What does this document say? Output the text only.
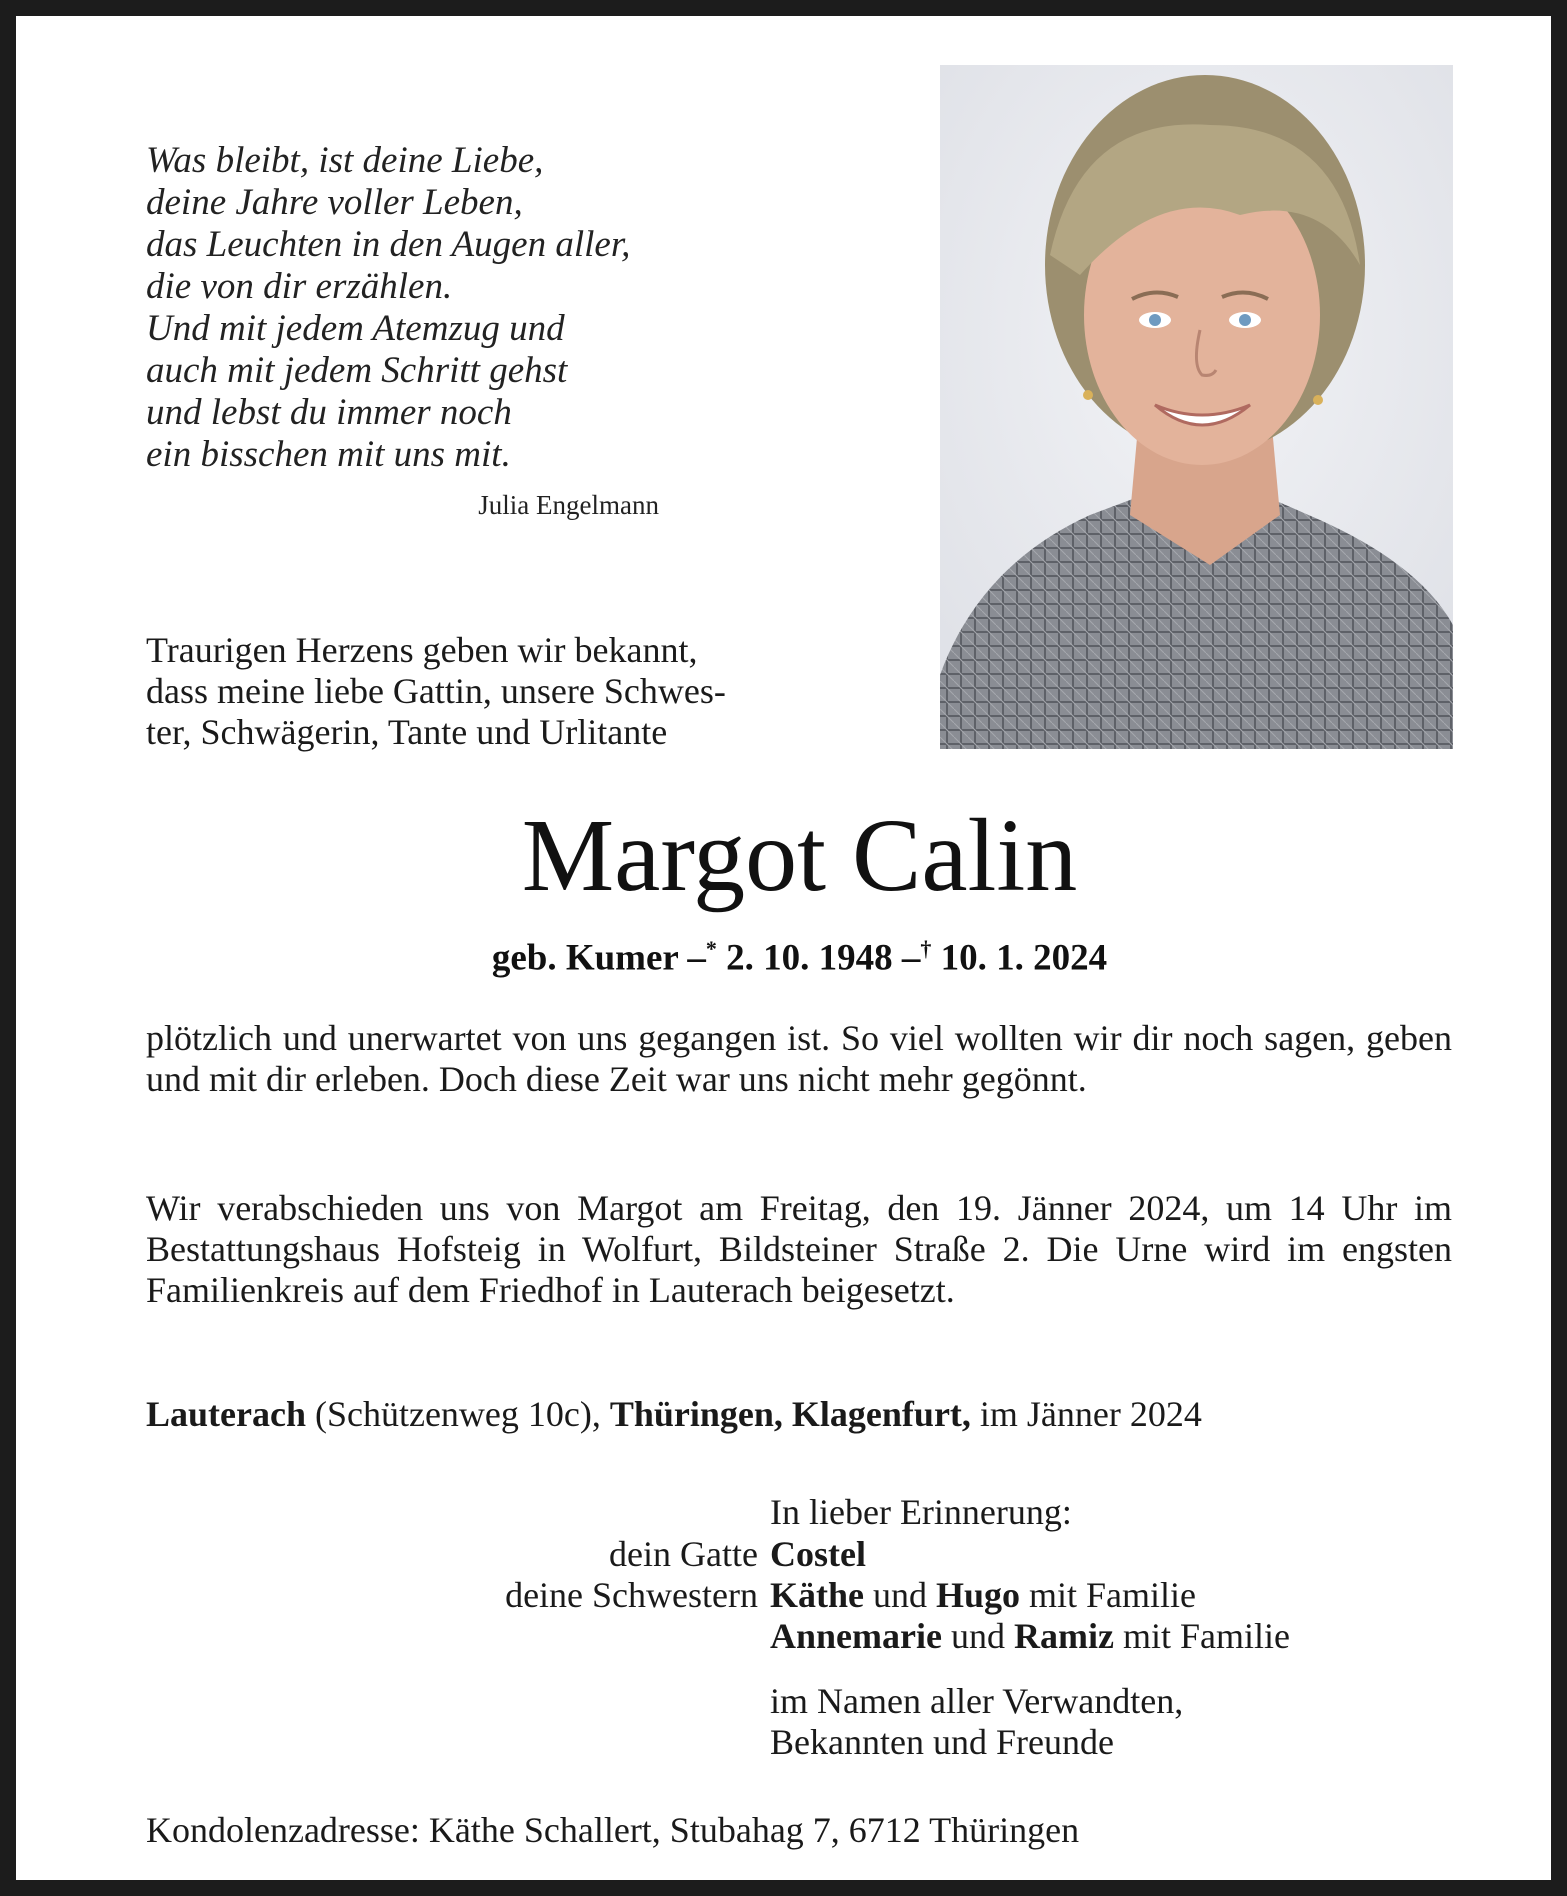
Was bleibt, ist deine Liebe,
deine Jahre voller Leben,
das Leuchten in den Augen aller,
die von dir erzählen.
Und mit jedem Atemzug und
auch mit jedem Schritt gehst
und lebst du immer noch
ein bisschen mit uns mit.
Julia Engelmann
Traurigen Herzens geben wir bekannt,
dass meine liebe Gattin, unsere Schwes-
ter, Schwägerin, Tante und Urlitante
Margot Calin
geb. Kumer –* 2. 10. 1948 –† 10. 1. 2024
plötzlich und unerwartet von uns gegangen ist. So viel wollten wir dir noch sagen, geben und mit dir erleben. Doch diese Zeit war uns nicht mehr gegönnt.
Wir verabschieden uns von Margot am Freitag, den 19. Jänner 2024, um 14 Uhr im Bestattungshaus Hofsteig in Wolfurt, Bildsteiner Straße 2. Die Urne wird im engsten Familienkreis auf dem Friedhof in Lauterach beigesetzt.
Lauterach (Schützenweg 10c), Thüringen, Klagenfurt, im Jänner 2024
In lieber Erinnerung:
dein Gatte Costel
deine Schwestern Käthe und Hugo mit Familie
Annemarie und Ramiz mit Familie
im Namen aller Verwandten,
Bekannten und Freunde
Kondolenzadresse: Käthe Schallert, Stubahag 7, 6712 Thüringen
